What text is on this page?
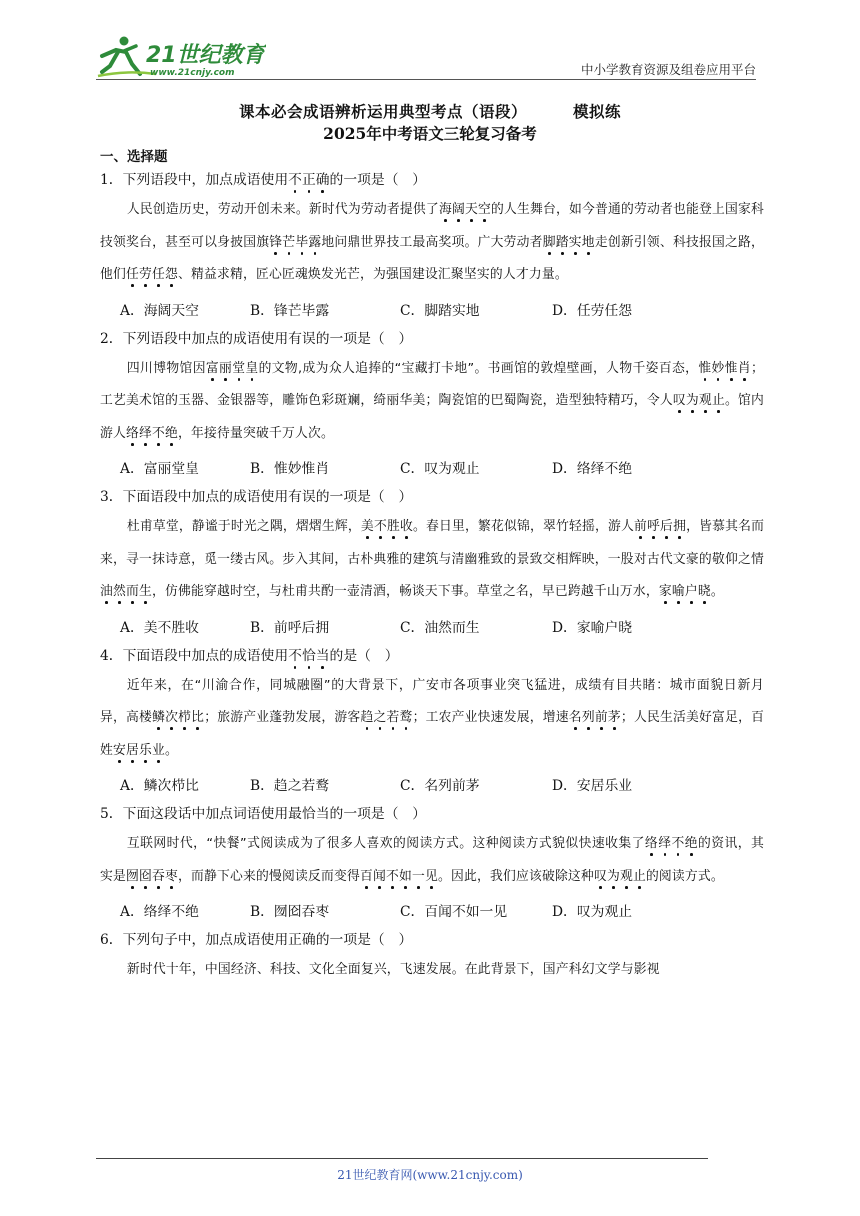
21世纪教育
www.21cnjy.com	中小学教育资源及组卷应用平台
课本必会成语辨析运用典型考点（语段）	模拟练
2025年中考语文三轮复习备考
一、选择题
1．下列语段中，加点成语使用不正确的一项是（　）
人民创造历史，劳动开创未来。新时代为劳动者提供了海阔天空的人生舞台，如今普通的劳动者也能登上国家科技领奖台，甚至可以身披国旗锋芒毕露地问鼎世界技工最高奖项。广大劳动者脚踏实地走创新引领、科技报国之路，他们任劳任怨、精益求精，匠心匠魂焕发光芒，为强国建设汇聚坚实的人才力量。
A．海阔天空	B．锋芒毕露	C．脚踏实地	D．任劳任怨
2．下列语段中加点的成语使用有误的一项是（　）
四川博物馆因富丽堂皇的文物,成为众人追捧的“宝藏打卡地”。书画馆的敦煌壁画，人物千姿百态，惟妙惟肖；工艺美术馆的玉器、金银器等，雕饰色彩斑斓，绮丽华美；陶瓷馆的巴蜀陶瓷，造型独特精巧，令人叹为观止。馆内游人络绎不绝，年接待量突破千万人次。
A．富丽堂皇	B．惟妙惟肖	C．叹为观止	D．络绎不绝
3．下面语段中加点的成语使用有误的一项是（　）
杜甫草堂，静谧于时光之隅，熠熠生辉，美不胜收。春日里，繁花似锦，翠竹轻摇，游人前呼后拥，皆慕其名而来，寻一抹诗意，觅一缕古风。步入其间，古朴典雅的建筑与清幽雅致的景致交相辉映，一股对古代文豪的敬仰之情油然而生，仿佛能穿越时空，与杜甫共酌一壶清酒，畅谈天下事。草堂之名，早已跨越千山万水，家喻户晓。
A．美不胜收	B．前呼后拥	C．油然而生	D．家喻户晓
4．下面语段中加点的成语使用不恰当的是（　）
近年来，在“川渝合作，同城融圈”的大背景下，广安市各项事业突飞猛进，成绩有目共睹：城市面貌日新月异，高楼鳞次栉比；旅游产业蓬勃发展，游客趋之若鹜；工农产业快速发展，增速名列前茅；人民生活美好富足，百姓安居乐业。
A．鳞次栉比	B．趋之若鹜	C．名列前茅	D．安居乐业
5．下面这段话中加点词语使用最恰当的一项是（　）
互联网时代，“快餐”式阅读成为了很多人喜欢的阅读方式。这种阅读方式貌似快速收集了络绎不绝的资讯，其实是囫囵吞枣，而静下心来的慢阅读反而变得百闻不如一见。因此，我们应该破除这种叹为观止的阅读方式。
A．络绎不绝	B．囫囵吞枣	C．百闻不如一见	D．叹为观止
6．下列句子中，加点成语使用正确的一项是（　）
新时代十年，中国经济、科技、文化全面复兴，飞速发展。在此背景下，国产科幻文学与影视
21世纪教育网(www.21cnjy.com)
